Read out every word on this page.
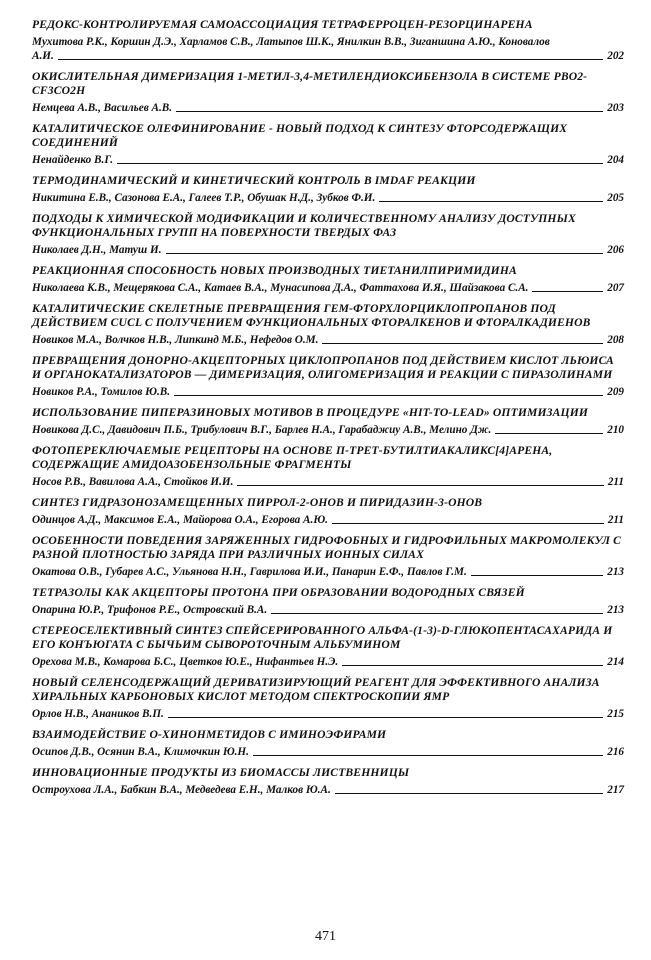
РЕДОКС-КОНТРОЛИРУЕМАЯ САМОАССОЦИАЦИЯ ТЕТРАФЕРРОЦЕН-РЕЗОРЦИНАРЕНА
Мухитова Р.К., Коршин Д.Э., Харламов С.В., Латыпов Ш.К., Янилкин В.В., Зиганшина А.Ю., Коновалов
А.И.	202
ОКИСЛИТЕЛЬНАЯ ДИМЕРИЗАЦИЯ 1-МЕТИЛ-3,4-МЕТИЛЕНДИОКСИБЕНЗОЛА В СИСТЕМЕ PBO2-CF3CO2H
Немцева А.В., Васильев А.В.	203
КАТАЛИТИЧЕСКОЕ ОЛЕФИНИРОВАНИЕ - НОВЫЙ ПОДХОД К СИНТЕЗУ ФТОРСОДЕРЖАЩИХ СОЕДИНЕНИЙ
Ненайденко В.Г.	204
ТЕРМОДИНАМИЧЕСКИЙ И КИНЕТИЧЕСКИЙ КОНТРОЛЬ В IMDAF РЕАКЦИИ
Никитина Е.В., Сазонова Е.А., Галеев Т.Р., Обушак Н.Д., Зубков Ф.И.	205
ПОДХОДЫ К ХИМИЧЕСКОЙ МОДИФИКАЦИИ И КОЛИЧЕСТВЕННОМУ АНАЛИЗУ ДОСТУПНЫХ ФУНКЦИОНАЛЬНЫХ ГРУПП НА ПОВЕРХНОСТИ ТВЕРДЫХ ФАЗ
Николаев Д.Н., Матуш И.	206
РЕАКЦИОННАЯ СПОСОБНОСТЬ НОВЫХ ПРОИЗВОДНЫХ ТИЕТАНИЛПИРИМИДИНА
Николаева К.В., Мещерякова С.А., Катаев В.А., Мунасипова Д.А., Фаттахова И.Я., Шайзакова С.А.	207
КАТАЛИТИЧЕСКИЕ СКЕЛЕТНЫЕ ПРЕВРАЩЕНИЯ ГЕМ-ФТОРХЛОРЦИКЛОПРОПАНОВ ПОД ДЕЙСТВИЕМ CUCL С ПОЛУЧЕНИЕМ ФУНКЦИОНАЛЬНЫХ ФТОРАЛКЕНОВ И ФТОРАЛКАДИЕНОВ
Новиков М.А., Волчков Н.В., Липкинд М.Б., Нефедов О.М.	208
ПРЕВРАЩЕНИЯ ДОНОРНО-АКЦЕПТОРНЫХ ЦИКЛОПРОПАНОВ ПОД ДЕЙСТВИЕМ КИСЛОТ ЛЬЮИСА И ОРГАНОКАТАЛИЗАТОРОВ — ДИМЕРИЗАЦИЯ, ОЛИГОМЕРИЗАЦИЯ И РЕАКЦИИ С ПИРАЗОЛИНАМИ
Новиков Р.А., Томилов Ю.В.	209
ИСПОЛЬЗОВАНИЕ ПИПЕРАЗИНОВЫХ МОТИВОВ В ПРОЦЕДУРЕ «HIT-TO-LEAD» ОПТИМИЗАЦИИ
Новикова Д.С., Давидович П.Б., Трибулович В.Г., Барлев Н.А., Гарабаджиу А.В., Мелино Дж.	210
ФОТОПЕРЕКЛЮЧАЕМЫЕ РЕЦЕПТОРЫ НА ОСНОВЕ П-ТРЕТ-БУТИЛТИАКАЛИКС[4]АРЕНА, СОДЕРЖАЩИЕ АМИДОАЗОБЕНЗОЛЬНЫЕ ФРАГМЕНТЫ
Носов Р.В., Вавилова А.А., Стойков И.И.	211
СИНТЕЗ ГИДРАЗОНОЗАМЕЩЕННЫХ ПИРРОЛ-2-ОНОВ И ПИРИДАЗИН-3-ОНОВ
Одинцов А.Д., Максимов Е.А., Майорова О.А., Егорова А.Ю.	211
ОСОБЕННОСТИ ПОВЕДЕНИЯ ЗАРЯЖЕННЫХ ГИДРОФОБНЫХ И ГИДРОФИЛЬНЫХ МАКРОМОЛЕКУЛ С РАЗНОЙ ПЛОТНОСТЬЮ ЗАРЯДА ПРИ РАЗЛИЧНЫХ ИОННЫХ СИЛАХ
Окатова О.В., Губарев А.С., Ульянова Н.Н., Гаврилова И.И., Панарин Е.Ф., Павлов Г.М.	213
ТЕТРАЗОЛЫ КАК АКЦЕПТОРЫ ПРОТОНА ПРИ ОБРАЗОВАНИИ ВОДОРОДНЫХ СВЯЗЕЙ
Опарина Ю.Р., Трифонов Р.Е., Островский В.А.	213
СТЕРЕОСЕЛЕКТИВНЫЙ СИНТЕЗ СПЕЙСЕРИРОВАННОГО АЛЬФА-(1-3)-D-ГЛЮКОПЕНТАСАХАРИДА И ЕГО КОНЪЮГАТА С БЫЧЬИМ СЫВОРОТОЧНЫМ АЛЬБУМИНОМ
Орехова М.В., Комарова Б.С., Цветков Ю.Е., Нифантьев Н.Э.	214
НОВЫЙ СЕЛЕНСОДЕРЖАЩИЙ ДЕРИВАТИЗИРУЮЩИЙ РЕАГЕНТ ДЛЯ ЭФФЕКТИВНОГО АНАЛИЗА ХИРАЛЬНЫХ КАРБОНОВЫХ КИСЛОТ МЕТОДОМ СПЕКТРОСКОПИИ ЯМР
Орлов Н.В., Анаников В.П.	215
ВЗАИМОДЕЙСТВИЕ О-ХИНОНМЕТИДОВ С ИМИНОЭФИРАМИ
Осипов Д.В., Осянин В.А., Климочкин Ю.Н.	216
ИННОВАЦИОННЫЕ ПРОДУКТЫ ИЗ БИОМАССЫ ЛИСТВЕННИЦЫ
Остроухова Л.А., Бабкин В.А., Медведева Е.Н., Малков Ю.А.	217
471
